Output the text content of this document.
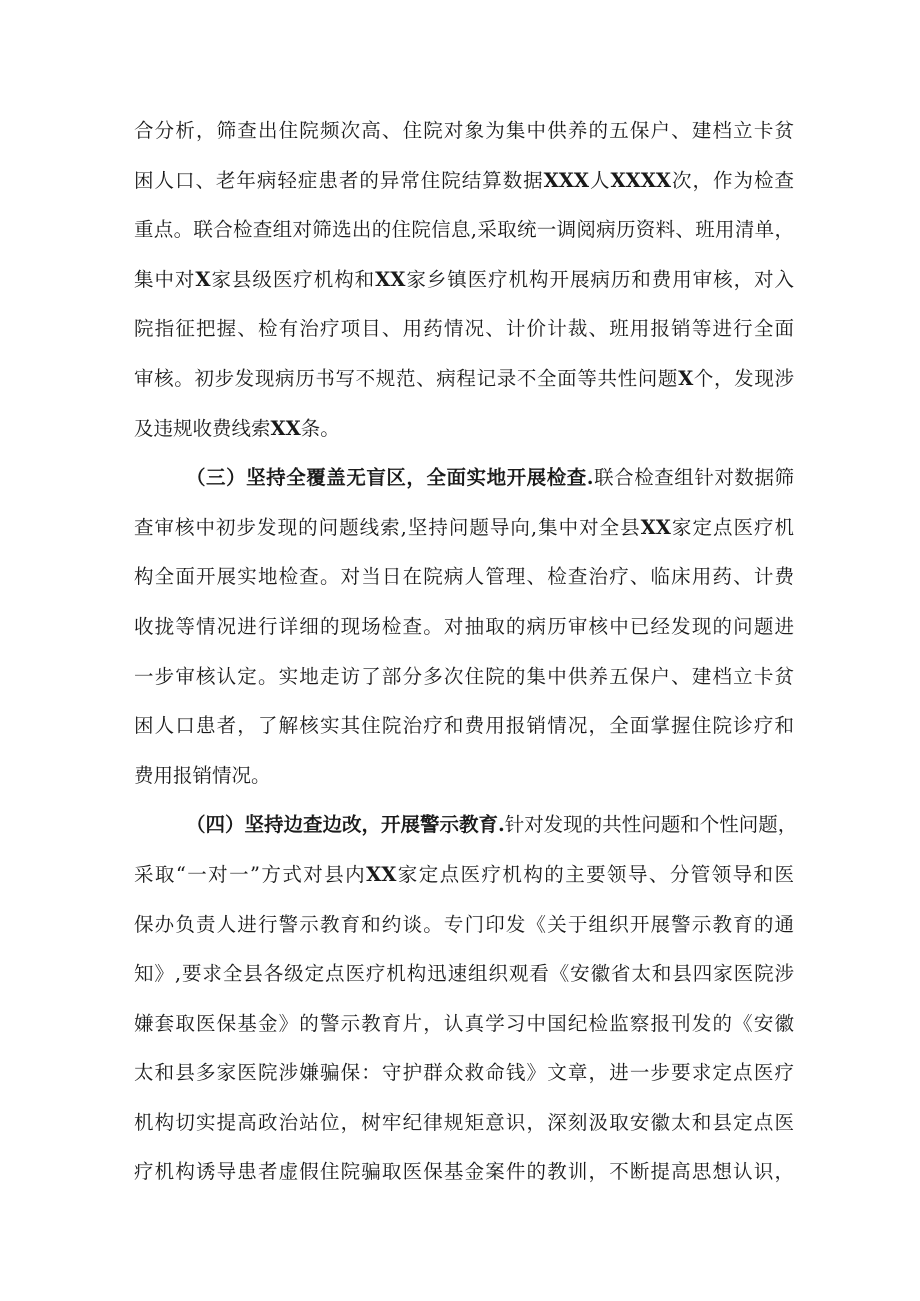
合分析，筛查出住院频次高、住院对象为集中供养的五保户、建档立卡贫
困人口、老年病轻症患者的异常住院结算数据XXX人XXXX次，作为检查
重点。联合检查组对筛选出的住院信息,采取统一调阅病历资料、班用清单，
集中对X家县级医疗机构和XX家乡镇医疗机构开展病历和费用审核，对入
院指征把握、检有治疗项目、用药情况、计价计裁、班用报销等进行全面
审核。初步发现病历书写不规范、病程记录不全面等共性问题X个，发现涉
及违规收费线索XX条。
（三）坚持全覆盖无盲区，全面实地开展检查.联合检查组针对数据筛
查审核中初步发现的问题线索,坚持问题导向,集中对全县XX家定点医疗机
构全面开展实地检查。对当日在院病人管理、检查治疗、临床用药、计费
收拢等情况进行详细的现场检查。对抽取的病历审核中已经发现的问题进
一步审核认定。实地走访了部分多次住院的集中供养五保户、建档立卡贫
困人口患者，了解核实其住院治疗和费用报销情况，全面掌握住院诊疗和
费用报销情况。
（四）坚持边查边改，开展警示教育.针对发现的共性问题和个性问题，
采取“一对一”方式对县内XX家定点医疗机构的主要领导、分管领导和医
保办负责人进行警示教育和约谈。专门印发《关于组织开展警示教育的通
知》,要求全县各级定点医疗机构迅速组织观看《安徽省太和县四家医院涉
嫌套取医保基金》的警示教育片，认真学习中国纪检监察报刊发的《安徽
太和县多家医院涉嫌骗保：守护群众救命钱》文章，进一步要求定点医疗
机构切实提高政治站位，树牢纪律规矩意识，深刻汲取安徽太和县定点医
疗机构诱导患者虚假住院骗取医保基金案件的教训，不断提高思想认识，
